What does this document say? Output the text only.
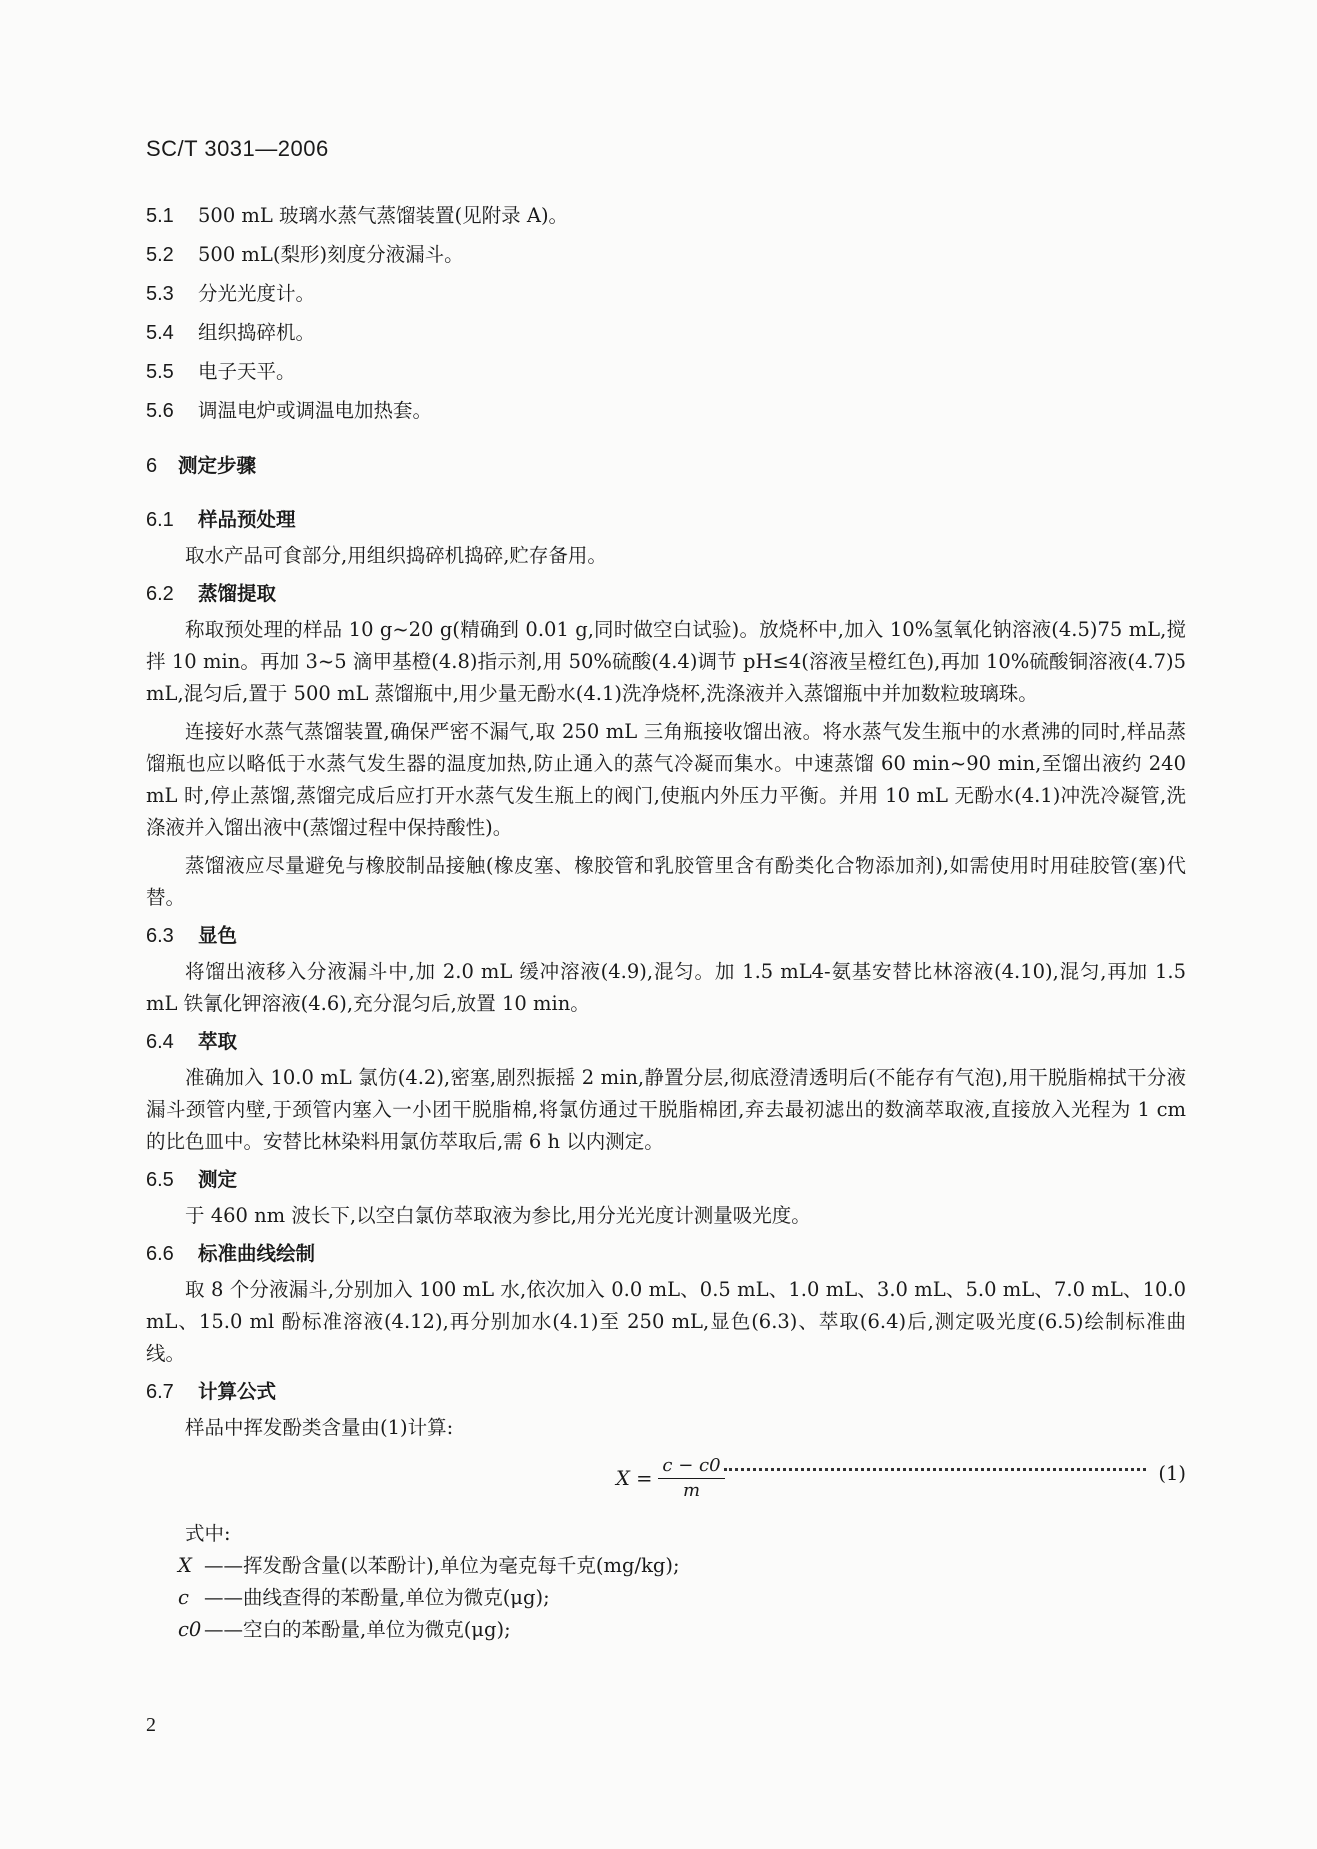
SC/T 3031—2006
5.1	500 mL 玻璃水蒸气蒸馏装置(见附录 A)。
5.2	500 mL(梨形)刻度分液漏斗。
5.3	分光光度计。
5.4	组织捣碎机。
5.5	电子天平。
5.6	调温电炉或调温电加热套。
6	测定步骤
6.1	样品预处理

取水产品可食部分,用组织捣碎机捣碎,贮存备用。

6.2	蒸馏提取

称取预处理的样品 10 g~20 g(精确到 0.01 g,同时做空白试验)。放烧杯中,加入 10%氢氧化钠溶液(4.5)75 mL,搅拌 10 min。再加 3~5 滴甲基橙(4.8)指示剂,用 50%硫酸(4.4)调节 pH≤4(溶液呈橙红色),再加 10%硫酸铜溶液(4.7)5 mL,混匀后,置于 500 mL 蒸馏瓶中,用少量无酚水(4.1)洗净烧杯,洗涤液并入蒸馏瓶中并加数粒玻璃珠。

连接好水蒸气蒸馏装置,确保严密不漏气,取 250 mL 三角瓶接收馏出液。将水蒸气发生瓶中的水煮沸的同时,样品蒸馏瓶也应以略低于水蒸气发生器的温度加热,防止通入的蒸气冷凝而集水。中速蒸馏 60 min~90 min,至馏出液约 240 mL 时,停止蒸馏,蒸馏完成后应打开水蒸气发生瓶上的阀门,使瓶内外压力平衡。并用 10 mL 无酚水(4.1)冲洗冷凝管,洗涤液并入馏出液中(蒸馏过程中保持酸性)。

蒸馏液应尽量避免与橡胶制品接触(橡皮塞、橡胶管和乳胶管里含有酚类化合物添加剂),如需使用时用硅胶管(塞)代替。

6.3	显色

将馏出液移入分液漏斗中,加 2.0 mL 缓冲溶液(4.9),混匀。加 1.5 mL4-氨基安替比林溶液(4.10),混匀,再加 1.5 mL 铁氰化钾溶液(4.6),充分混匀后,放置 10 min。

6.4	萃取

准确加入 10.0 mL 氯仿(4.2),密塞,剧烈振摇 2 min,静置分层,彻底澄清透明后(不能存有气泡),用干脱脂棉拭干分液漏斗颈管内壁,于颈管内塞入一小团干脱脂棉,将氯仿通过干脱脂棉团,弃去最初滤出的数滴萃取液,直接放入光程为 1 cm 的比色皿中。安替比林染料用氯仿萃取后,需 6 h 以内测定。

6.5	测定

于 460 nm 波长下,以空白氯仿萃取液为参比,用分光光度计测量吸光度。

6.6	标准曲线绘制

取 8 个分液漏斗,分别加入 100 mL 水,依次加入 0.0 mL、0.5 mL、1.0 mL、3.0 mL、5.0 mL、7.0 mL、10.0 mL、15.0 ml 酚标准溶液(4.12),再分别加水(4.1)至 250 mL,显色(6.3)、萃取(6.4)后,测定吸光度(6.5)绘制标准曲线。

6.7	计算公式

样品中挥发酚类含量由(1)计算:

$X = \frac{c - c0}{m}$	(1)

式中:

X ——挥发酚含量(以苯酚计),单位为毫克每千克(mg/kg);
c ——曲线查得的苯酚量,单位为微克(μg);
c0 ——空白的苯酚量,单位为微克(μg);
2
